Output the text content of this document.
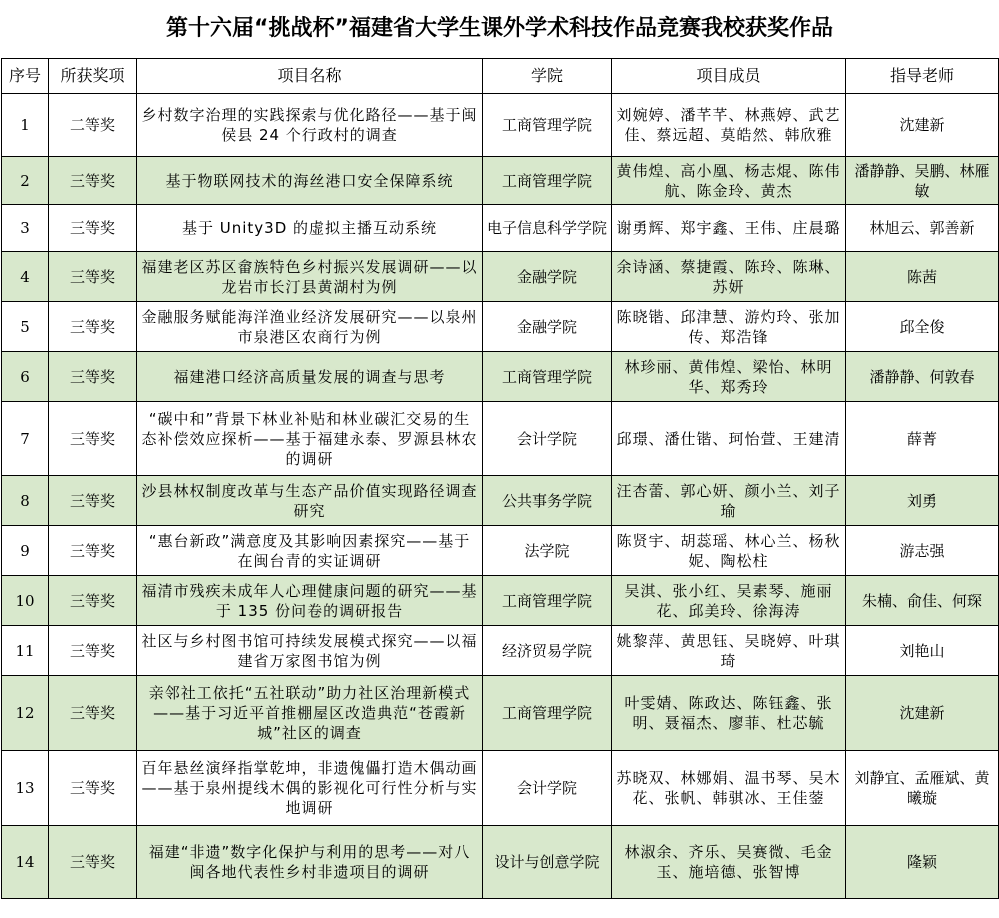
第十六届“挑战杯”福建省大学生课外学术科技作品竞赛我校获奖作品
序号	所获奖项	项目名称	学院	项目成员	指导老师
1	二等奖	乡村数字治理的实践探索与优化路径——基于闽侯县 24 个行政村的调查	工商管理学院	刘婉婷、潘芊芊、林燕婷、武艺佳、蔡远超、莫皓然、韩欣雅	沈建新
2	三等奖	基于物联网技术的海丝港口安全保障系统	工商管理学院	黄伟煌、高小凰、杨志焜、陈伟航、陈金玲、黄杰	潘静静、吴鹏、林雁敏
3	三等奖	基于 Unity3D 的虚拟主播互动系统	电子信息科学学院	谢勇辉、郑宇鑫、王伟、庄晨璐	林旭云、郭善新
4	三等奖	福建老区苏区畲族特色乡村振兴发展调研——以龙岩市长汀县黄湖村为例	金融学院	余诗涵、蔡捷霞、陈玲、陈琳、苏妍	陈茜
5	三等奖	金融服务赋能海洋渔业经济发展研究——以泉州市泉港区农商行为例	金融学院	陈晓锴、邱津慧、游灼玲、张加传、郑浩锋	邱全俊
6	三等奖	福建港口经济高质量发展的调查与思考	工商管理学院	林珍丽、黄伟煌、梁怡、林明华、郑秀玲	潘静静、何敦春
7	三等奖	“碳中和”背景下林业补贴和林业碳汇交易的生态补偿效应探析——基于福建永泰、罗源县林农的调研	会计学院	邱璟、潘仕锴、珂怡萱、王建清	薛菁
8	三等奖	沙县林权制度改革与生态产品价值实现路径调查研究	公共事务学院	汪杏蕾、郭心妍、颜小兰、刘子瑜	刘勇
9	三等奖	“惠台新政”满意度及其影响因素探究——基于在闽台青的实证调研	法学院	陈贤宇、胡蕊瑶、林心兰、杨秋妮、陶松柱	游志强
10	三等奖	福清市残疾未成年人心理健康问题的研究——基于 135 份问卷的调研报告	工商管理学院	吴淇、张小红、吴素琴、施丽花、邱美玲、徐海涛	朱楠、俞佳、何琛
11	三等奖	社区与乡村图书馆可持续发展模式探究——以福建省万家图书馆为例	经济贸易学院	姚黎萍、黄思钰、吴晓婷、叶琪琦	刘艳山
12	三等奖	亲邻社工依托“五社联动”助力社区治理新模式——基于习近平首推棚屋区改造典范“苍霞新城”社区的调查	工商管理学院	叶雯婧、陈政达、陈钰鑫、张明、聂福杰、廖菲、杜芯毓	沈建新
13	三等奖	百年悬丝演绎指掌乾坤，非遗傀儡打造木偶动画——基于泉州提线木偶的影视化可行性分析与实地调研	会计学院	苏晓双、林娜娟、温书琴、吴木花、张帆、韩骐冰、王佳蓥	刘静宜、孟雁斌、黄曦璇
14	三等奖	福建“非遗”数字化保护与利用的思考——对八闽各地代表性乡村非遗项目的调研	设计与创意学院	林淑余、齐乐、吴赛微、毛金玉、施培德、张智博	隆颖
